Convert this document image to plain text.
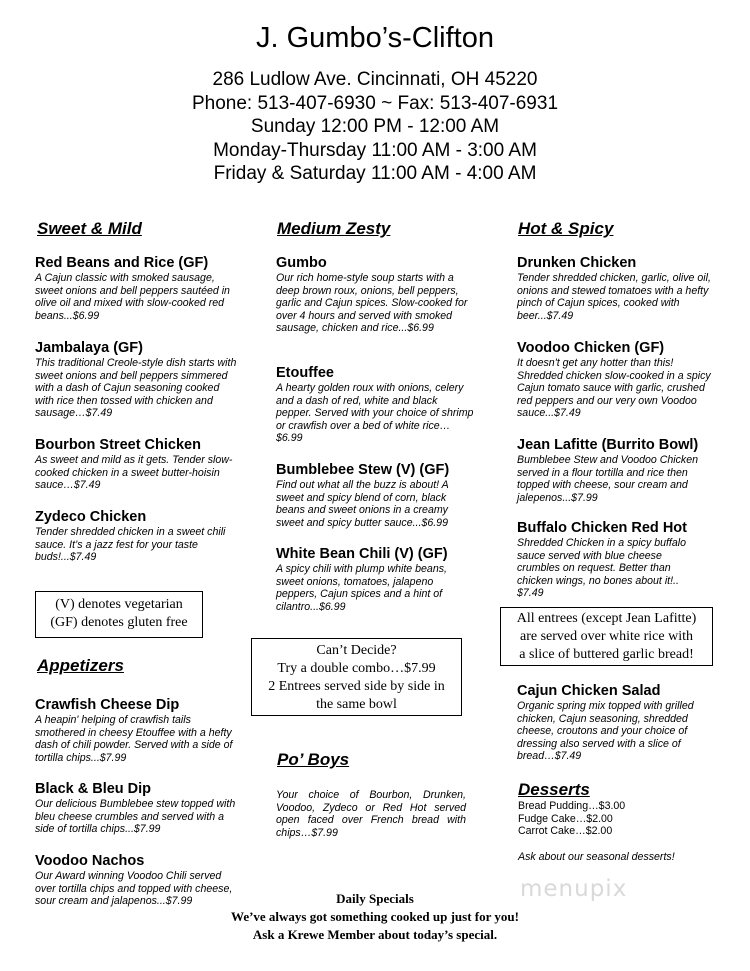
J. Gumbo’s-Clifton
286 Ludlow Ave. Cincinnati, OH 45220
Phone: 513-407-6930 ~ Fax: 513-407-6931
Sunday 12:00 PM - 12:00 AM
Monday-Thursday 11:00 AM - 3:00 AM
Friday & Saturday 11:00 AM - 4:00 AM
Sweet & Mild
Red Beans and Rice (GF)
A Cajun classic with smoked sausage, sweet onions and bell peppers sautéed in olive oil and mixed with slow-cooked red beans...$6.99
Jambalaya (GF)
This traditional Creole-style dish starts with sweet onions and bell peppers simmered with a dash of Cajun seasoning cooked with rice then tossed with chicken and sausage…$7.49
Bourbon Street Chicken
As sweet and mild as it gets. Tender slow-cooked chicken in a sweet butter-hoisin sauce…$7.49
Zydeco Chicken
Tender shredded chicken in a sweet chili sauce. It’s a jazz fest for your taste buds!...$7.49
(V) denotes vegetarian
(GF) denotes gluten free
Appetizers
Crawfish Cheese Dip
A heapin' helping of crawfish tails smothered in cheesy Etouffee with a hefty dash of chili powder. Served with a side of tortilla chips...$7.99
Black & Bleu Dip
Our delicious Bumblebee stew topped with bleu cheese crumbles and served with a side of tortilla chips...$7.99
Voodoo Nachos
Our Award winning Voodoo Chili served over tortilla chips and topped with cheese, sour cream and jalapenos...$7.99
Medium Zesty
Gumbo
Our rich home-style soup starts with a deep brown roux, onions, bell peppers, garlic and Cajun spices. Slow-cooked for over 4 hours and served with smoked sausage, chicken and rice...$6.99
Etouffee
A hearty golden roux with onions, celery and a dash of red, white and black pepper. Served with your choice of shrimp or crawfish over a bed of white rice…$6.99
Bumblebee Stew (V) (GF)
Find out what all the buzz is about! A sweet and spicy blend of corn, black beans and sweet onions in a creamy sweet and spicy butter sauce...$6.99
White Bean Chili (V) (GF)
A spicy chili with plump white beans, sweet onions, tomatoes, jalapeno peppers, Cajun spices and a hint of cilantro...$6.99
Can’t Decide?
Try a double combo…$7.99
2 Entrees served side by side in
the same bowl
Po’ Boys
Your choice of Bourbon, Drunken, Voodoo, Zydeco or Red Hot served open faced over French bread with chips…$7.99
Hot & Spicy
Drunken Chicken
Tender shredded chicken, garlic, olive oil, onions and stewed tomatoes with a hefty pinch of Cajun spices, cooked with beer...$7.49
Voodoo Chicken (GF)
It doesn't get any hotter than this! Shredded chicken slow-cooked in a spicy Cajun tomato sauce with garlic, crushed red peppers and our very own Voodoo sauce...$7.49
Jean Lafitte (Burrito Bowl)
Bumblebee Stew and Voodoo Chicken served in a flour tortilla and rice then topped with cheese, sour cream and jalepenos...$7.99
Buffalo Chicken Red Hot
Shredded Chicken in a spicy buffalo sauce served with blue cheese crumbles on request. Better than chicken wings, no bones about it!.. $7.49
All entrees (except Jean Lafitte)
are served over white rice with
a slice of buttered garlic bread!
Cajun Chicken Salad
Organic spring mix topped with grilled chicken, Cajun seasoning, shredded cheese, croutons and your choice of dressing also served with a slice of bread…$7.49
Desserts
Bread Pudding…$3.00
Fudge Cake…$2.00
Carrot Cake…$2.00
Ask about our seasonal desserts!
menupix
Daily Specials
We’ve always got something cooked up just for you!
Ask a Krewe Member about today’s special.
